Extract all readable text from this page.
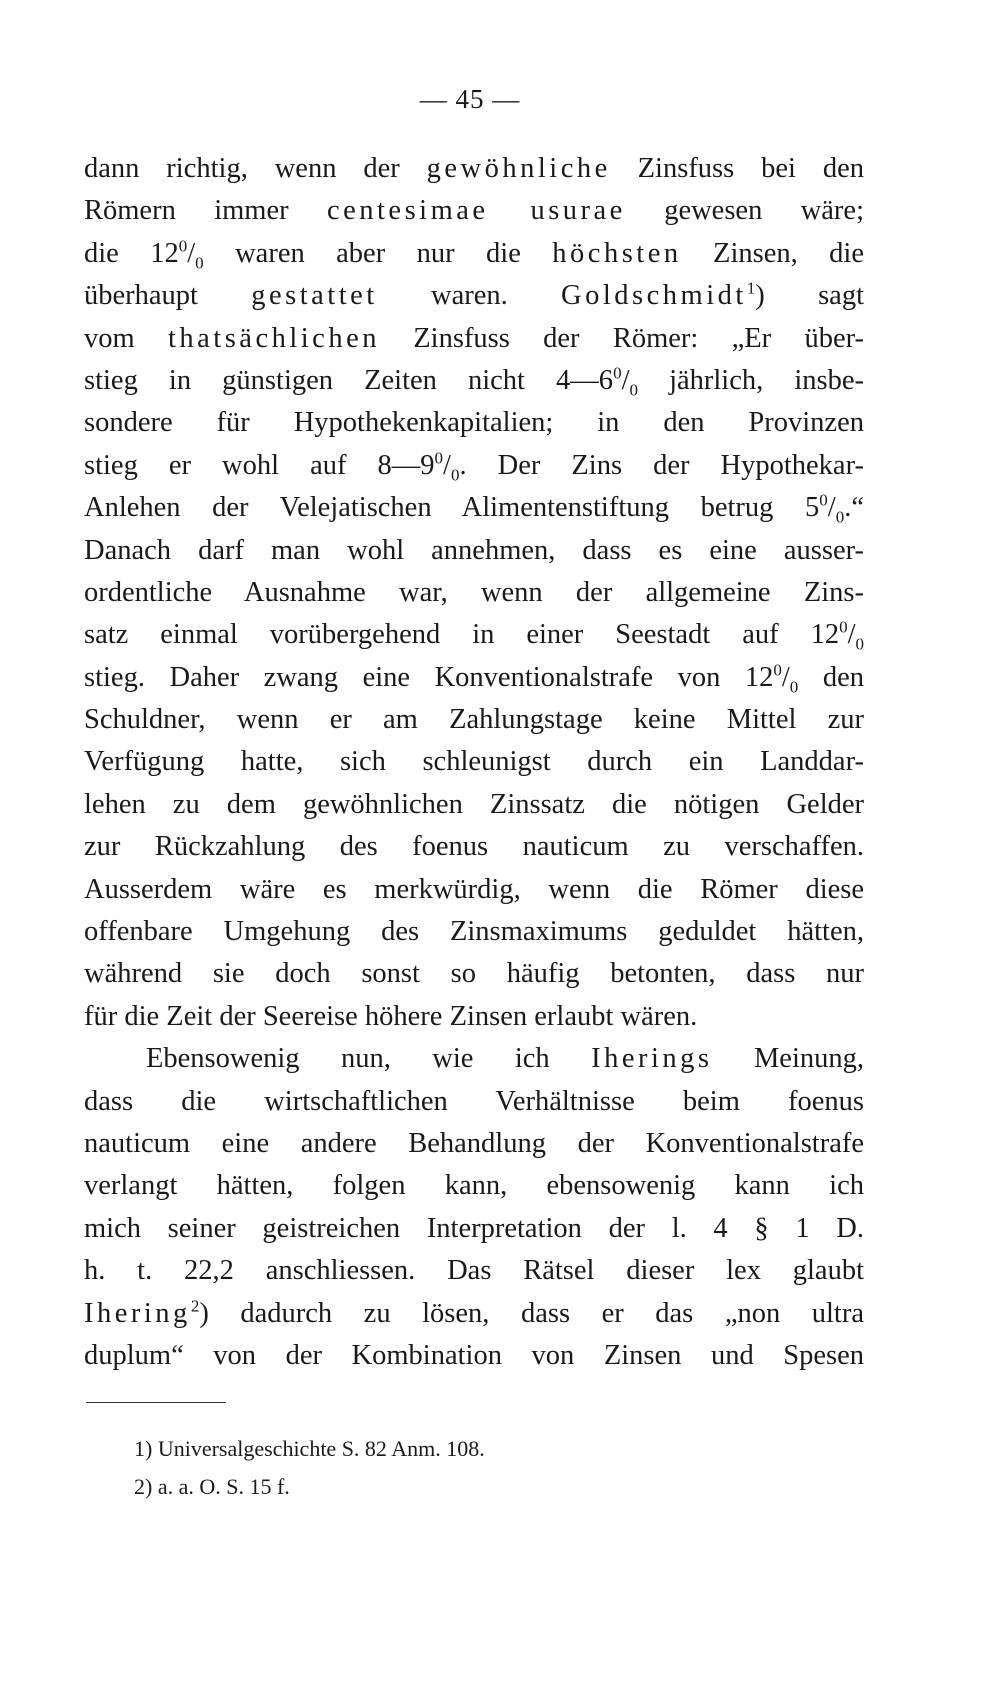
— 45 —
dann richtig, wenn der gewöhnliche Zinsfuss bei den
Römern immer centesimae usurae gewesen wäre;
die $12^0/_0$ waren aber nur die höchsten Zinsen, die
überhaupt gestattet waren. Goldschmidt$^1$) sagt
vom thatsächlichen Zinsfuss der Römer: „Er über-
stieg in günstigen Zeiten nicht $4—6^0/_0$ jährlich, insbe-
sondere für Hypothekenkapitalien; in den Provinzen
stieg er wohl auf $8—9^0/_0$. Der Zins der Hypothekar-
Anlehen der Velejatischen Alimentenstiftung betrug $5^0/_0.“$
Danach darf man wohl annehmen, dass es eine ausser-
ordentliche Ausnahme war, wenn der allgemeine Zins-
satz einmal vorübergehend in einer Seestadt auf $12^0/_0$
stieg. Daher zwang eine Konventionalstrafe von $12^0/_0$ den
Schuldner, wenn er am Zahlungstage keine Mittel zur
Verfügung hatte, sich schleunigst durch ein Landdar-
lehen zu dem gewöhnlichen Zinssatz die nötigen Gelder
zur Rückzahlung des foenus nauticum zu verschaffen.
Ausserdem wäre es merkwürdig, wenn die Römer diese
offenbare Umgehung des Zinsmaximums geduldet hätten,
während sie doch sonst so häufig betonten, dass nur
für die Zeit der Seereise höhere Zinsen erlaubt wären.
Ebensowenig nun, wie ich Iherings Meinung,
dass die wirtschaftlichen Verhältnisse beim foenus
nauticum eine andere Behandlung der Konventionalstrafe
verlangt hätten, folgen kann, ebensowenig kann ich
mich seiner geistreichen Interpretation der l. 4 § 1 D.
h. t. 22,2 anschliessen. Das Rätsel dieser lex glaubt
Ihering$^2$) dadurch zu lösen, dass er das „non ultra
duplum“ von der Kombination von Zinsen und Spesen
1) Universalgeschichte S. 82 Anm. 108.
2) a. a. O. S. 15 f.
